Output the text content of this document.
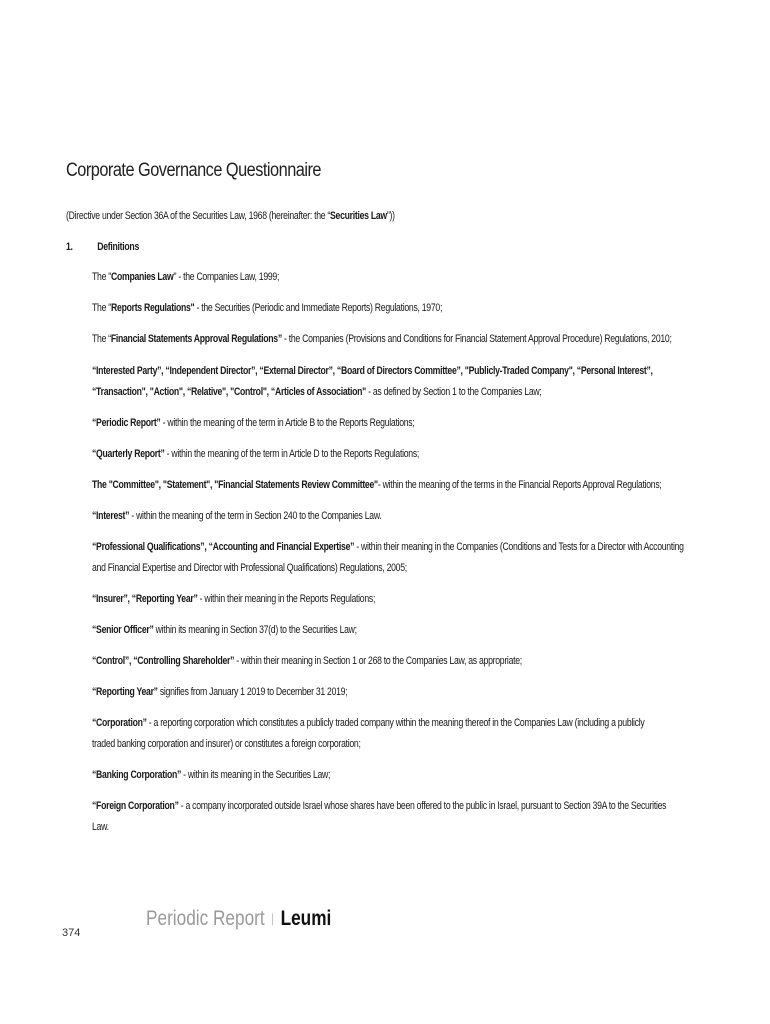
Corporate Governance Questionnaire
(Directive under Section 36A of the Securities Law, 1968 (hereinafter: the “Securities Law”))
1. Definitions
The "Companies Law" - the Companies Law, 1999;
The "Reports Regulations" - the Securities (Periodic and Immediate Reports) Regulations, 1970;
The “Financial Statements Approval Regulations” - the Companies (Provisions and Conditions for Financial Statement Approval Procedure) Regulations, 2010;
“Interested Party”, “Independent Director”, “External Director”, “Board of Directors Committee”, "Publicly-Traded Company", “Personal Interest”,
“Transaction", "Action", “Relative", "Control", “Articles of Association" - as defined by Section 1 to the Companies Law;
“Periodic Report” - within the meaning of the term in Article B to the Reports Regulations;
“Quarterly Report” - within the meaning of the term in Article D to the Reports Regulations;
The "Committee", "Statement", "Financial Statements Review Committee"- within the meaning of the terms in the Financial Reports Approval Regulations;
“Interest” - within the meaning of the term in Section 240 to the Companies Law.
“Professional Qualifications”, “Accounting and Financial Expertise” - within their meaning in the Companies (Conditions and Tests for a Director with Accounting
and Financial Expertise and Director with Professional Qualifications) Regulations, 2005;
“Insurer”, “Reporting Year” - within their meaning in the Reports Regulations;
“Senior Officer” within its meaning in Section 37(d) to the Securities Law;
“Control”, “Controlling Shareholder” - within their meaning in Section 1 or 268 to the Companies Law, as appropriate;
“Reporting Year” signifies from January 1 2019 to December 31 2019;
“Corporation” - a reporting corporation which constitutes a publicly traded company within the meaning thereof in the Companies Law (including a publicly
traded banking corporation and insurer) or constitutes a foreign corporation;
“Banking Corporation” - within its meaning in the Securities Law;
“Foreign Corporation” - a company incorporated outside Israel whose shares have been offered to the public in Israel, pursuant to Section 39A to the Securities
Law.
374
Periodic Report | Leumi
